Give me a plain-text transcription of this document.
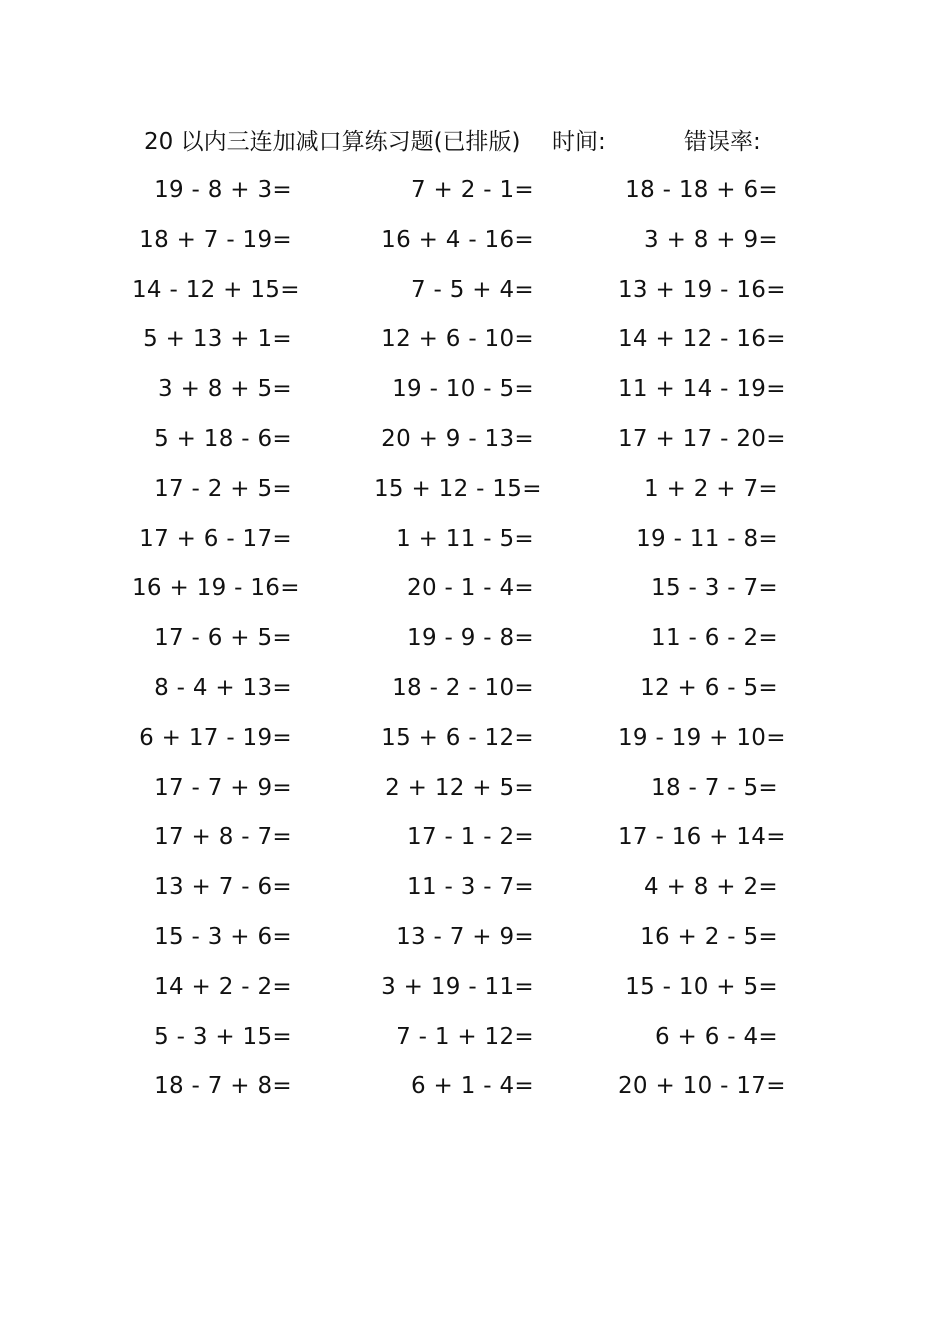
20 以内三连加减口算练习题(已排版) 时间:	错误率:
19 - 8 + 3=	7 + 2 - 1=	18 - 18 + 6=
18 + 7 - 19=	16 + 4 - 16=	3 + 8 + 9=
14 - 12 + 15=	7 - 5 + 4=	13 + 19 - 16=
5 + 13 + 1=	12 + 6 - 10=	14 + 12 - 16=
3 + 8 + 5=	19 - 10 - 5=	11 + 14 - 19=
5 + 18 - 6=	20 + 9 - 13=	17 + 17 - 20=
17 - 2 + 5=	15 + 12 - 15=	1 + 2 + 7=
17 + 6 - 17=	1 + 11 - 5=	19 - 11 - 8=
16 + 19 - 16=	20 - 1 - 4=	15 - 3 - 7=
17 - 6 + 5=	19 - 9 - 8=	11 - 6 - 2=
8 - 4 + 13=	18 - 2 - 10=	12 + 6 - 5=
6 + 17 - 19=	15 + 6 - 12=	19 - 19 + 10=
17 - 7 + 9=	2 + 12 + 5=	18 - 7 - 5=
17 + 8 - 7=	17 - 1 - 2=	17 - 16 + 14=
13 + 7 - 6=	11 - 3 - 7=	4 + 8 + 2=
15 - 3 + 6=	13 - 7 + 9=	16 + 2 - 5=
14 + 2 - 2=	3 + 19 - 11=	15 - 10 + 5=
5 - 3 + 15=	7 - 1 + 12=	6 + 6 - 4=
18 - 7 + 8=	6 + 1 - 4=	20 + 10 - 17=
